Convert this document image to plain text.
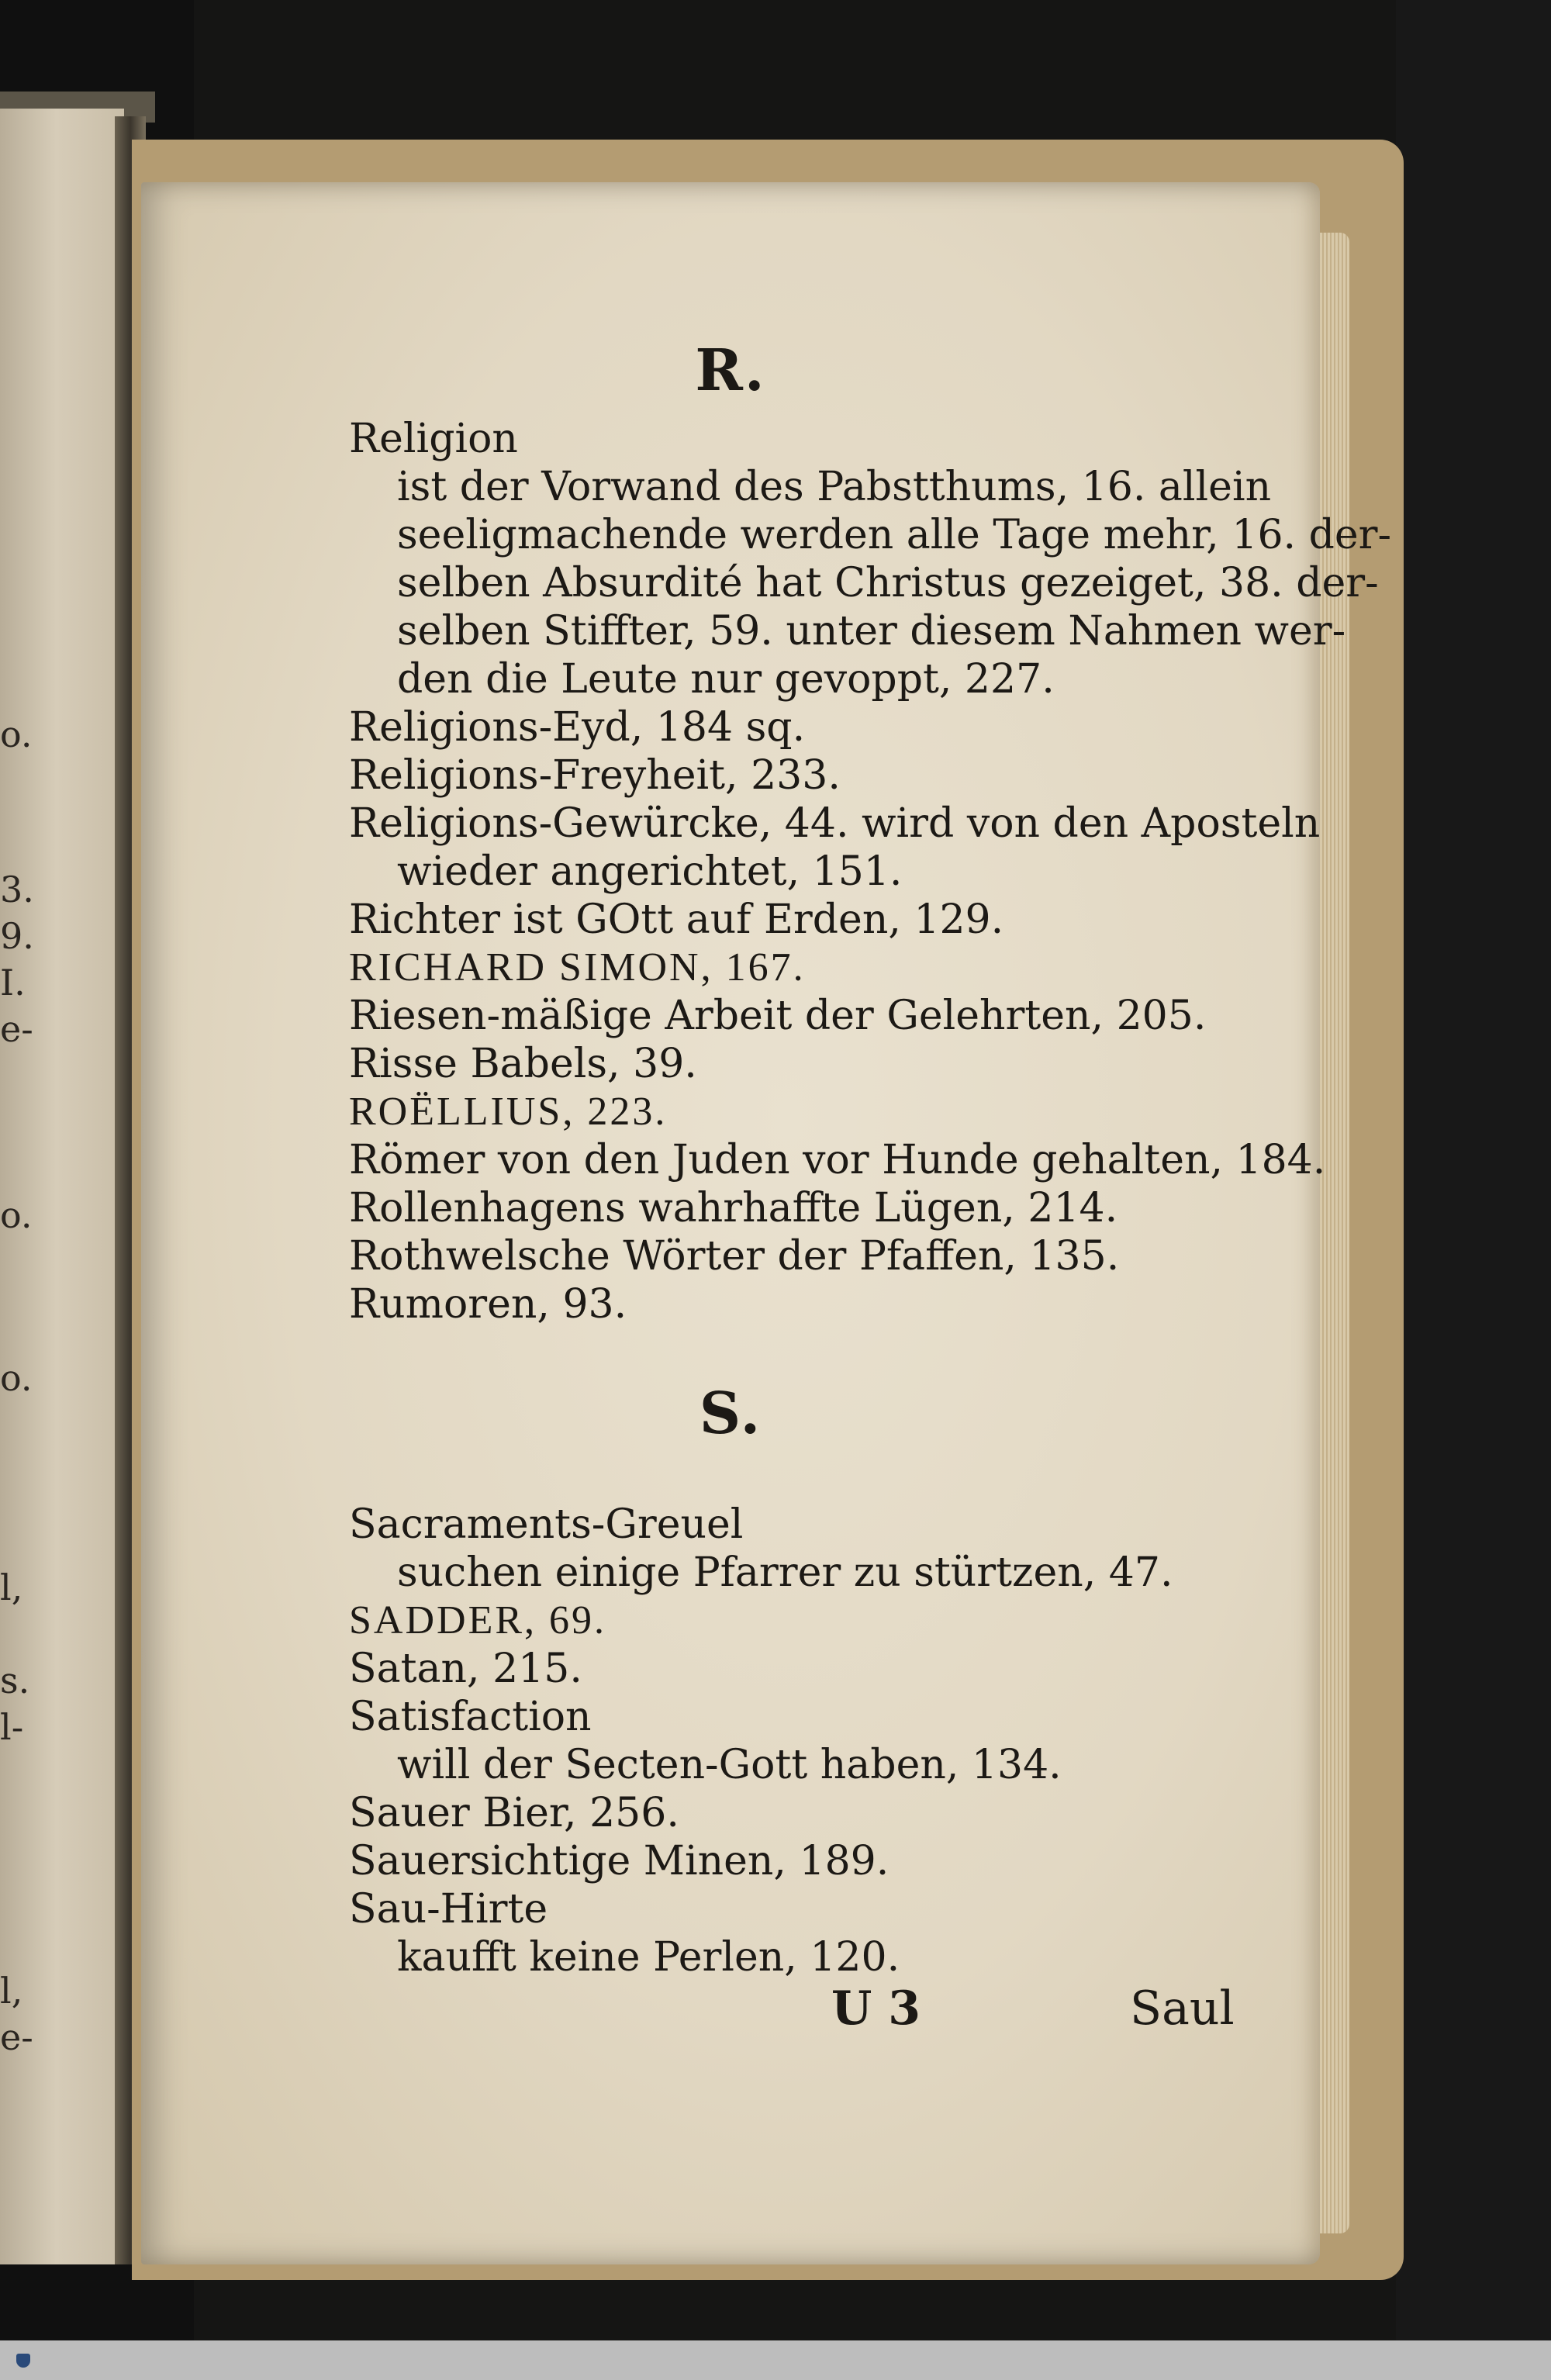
o.
3.
9.
I.
e-
o.
o.
l,
s.
l-
l,
e-
R.
Religion
ist der Vorwand des Pabstthums, 16. allein
seeligmachende werden alle Tage mehr, 16. der-
selben Absurdité hat Christus gezeiget, 38. der-
selben Stiffter, 59. unter diesem Nahmen wer-
den die Leute nur gevoppt, 227.
Religions-Eyd, 184 sq.
Religions-Freyheit, 233.
Religions-Gewürcke, 44. wird von den Aposteln
wieder angerichtet, 151.
Richter ist GOtt auf Erden, 129.
RICHARD SIMON, 167.
Riesen-mäßige Arbeit der Gelehrten, 205.
Risse Babels, 39.
ROËLLIUS, 223.
Römer von den Juden vor Hunde gehalten, 184.
Rollenhagens wahrhaffte Lügen, 214.
Rothwelsche Wörter der Pfaffen, 135.
Rumoren, 93.
S.
Sacraments-Greuel
suchen einige Pfarrer zu stürtzen, 47.
SADDER, 69.
Satan, 215.
Satisfaction
will der Secten-Gott haben, 134.
Sauer Bier, 256.
Sauersichtige Minen, 189.
Sau-Hirte
kaufft keine Perlen, 120.
U 3	Saul
